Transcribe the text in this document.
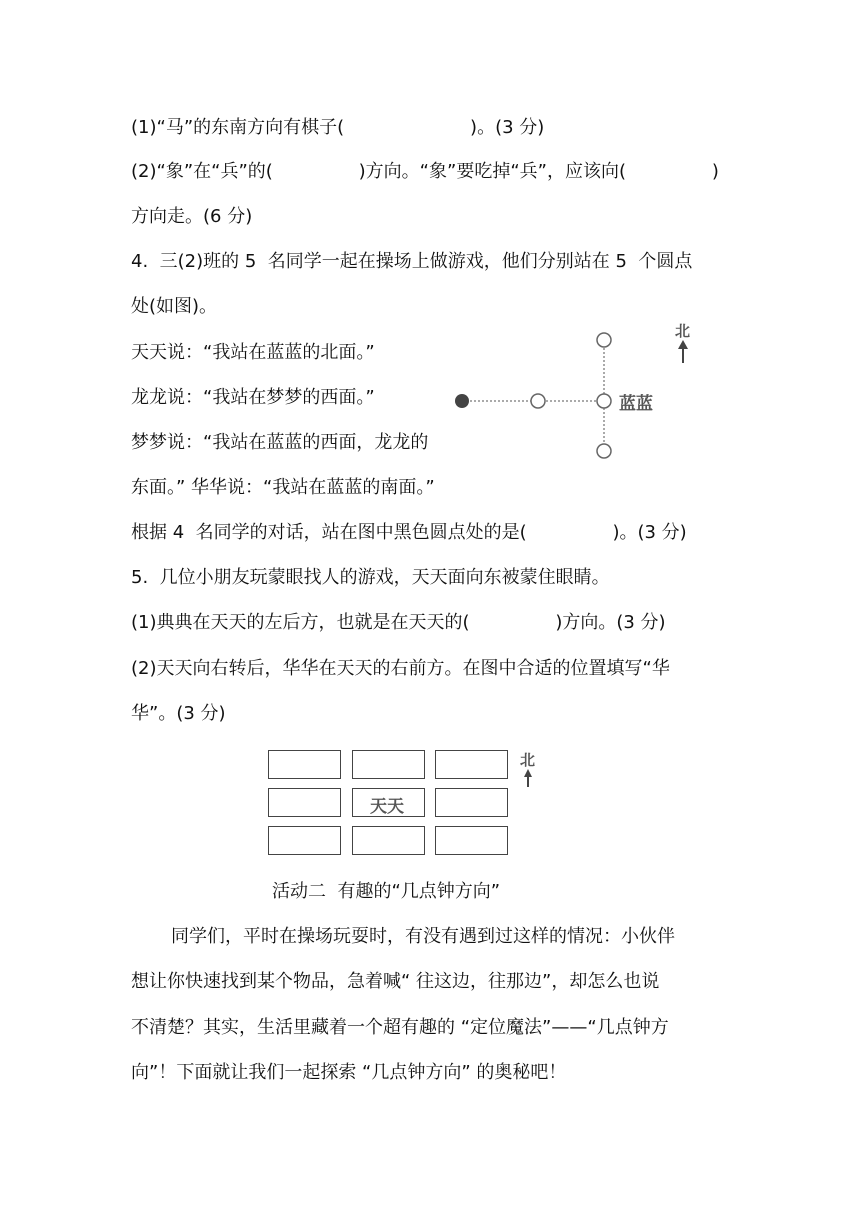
(1)“马”的东南方向有棋子(                      )。(3 分)
(2)“象”在“兵”的(               )方向。“象”要吃掉“兵”，应该向(               )
方向走。(6 分)
4.  三(2)班的 5  名同学一起在操场上做游戏，他们分别站在 5  个圆点
处(如图)。
天天说：“我站在蓝蓝的北面。”
龙龙说：“我站在梦梦的西面。”
梦梦说：“我站在蓝蓝的西面，龙龙的
东面。” 华华说：“我站在蓝蓝的南面。”
根据 4  名同学的对话，站在图中黑色圆点处的是(               )。(3 分)
北
蓝蓝
5.  几位小朋友玩蒙眼找人的游戏，天天面向东被蒙住眼睛。
(1)典典在天天的左后方，也就是在天天的(               )方向。(3 分)
(2)天天向右转后，华华在天天的右前方。在图中合适的位置填写“华
华”。(3 分)
天天
北
活动二  有趣的“几点钟方向”
同学们，平时在操场玩耍时，有没有遇到过这样的情况：小伙伴
想让你快速找到某个物品，急着喊“ 往这边，往那边”，却怎么也说
不清楚？其实，生活里藏着一个超有趣的 “定位魔法”——“几点钟方
向”！下面就让我们一起探索 “几点钟方向” 的奥秘吧！
